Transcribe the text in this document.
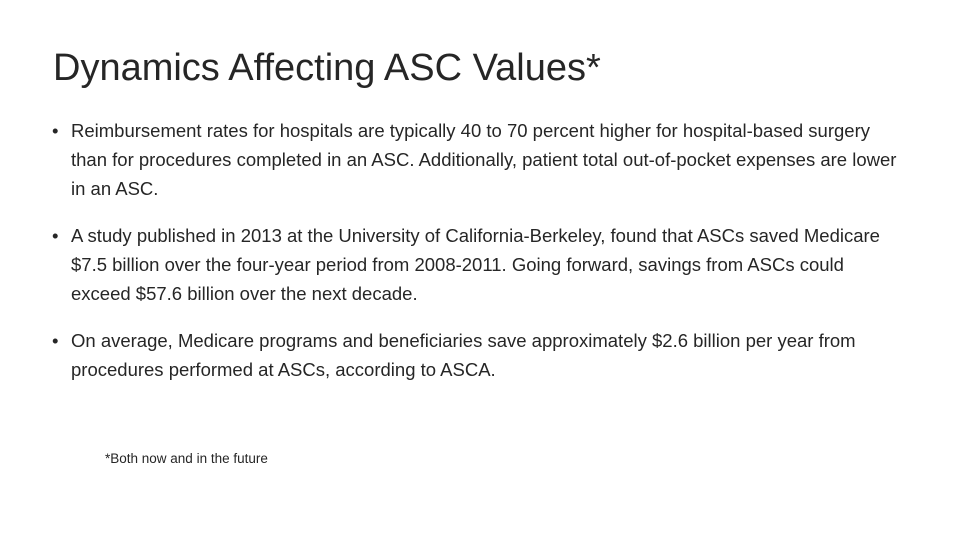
Dynamics Affecting ASC Values*
• Reimbursement rates for hospitals are typically 40 to 70 percent higher for hospital-based surgery than for procedures completed in an ASC. Additionally, patient total out-of-pocket expenses are lower in an ASC.
• A study published in 2013 at the University of California-Berkeley, found that ASCs saved Medicare $7.5 billion over the four-year period from 2008-2011. Going forward, savings from ASCs could exceed $57.6 billion over the next decade.
• On average, Medicare programs and beneficiaries save approximately $2.6 billion per year from procedures performed at ASCs, according to ASCA.
*Both now and in the future
